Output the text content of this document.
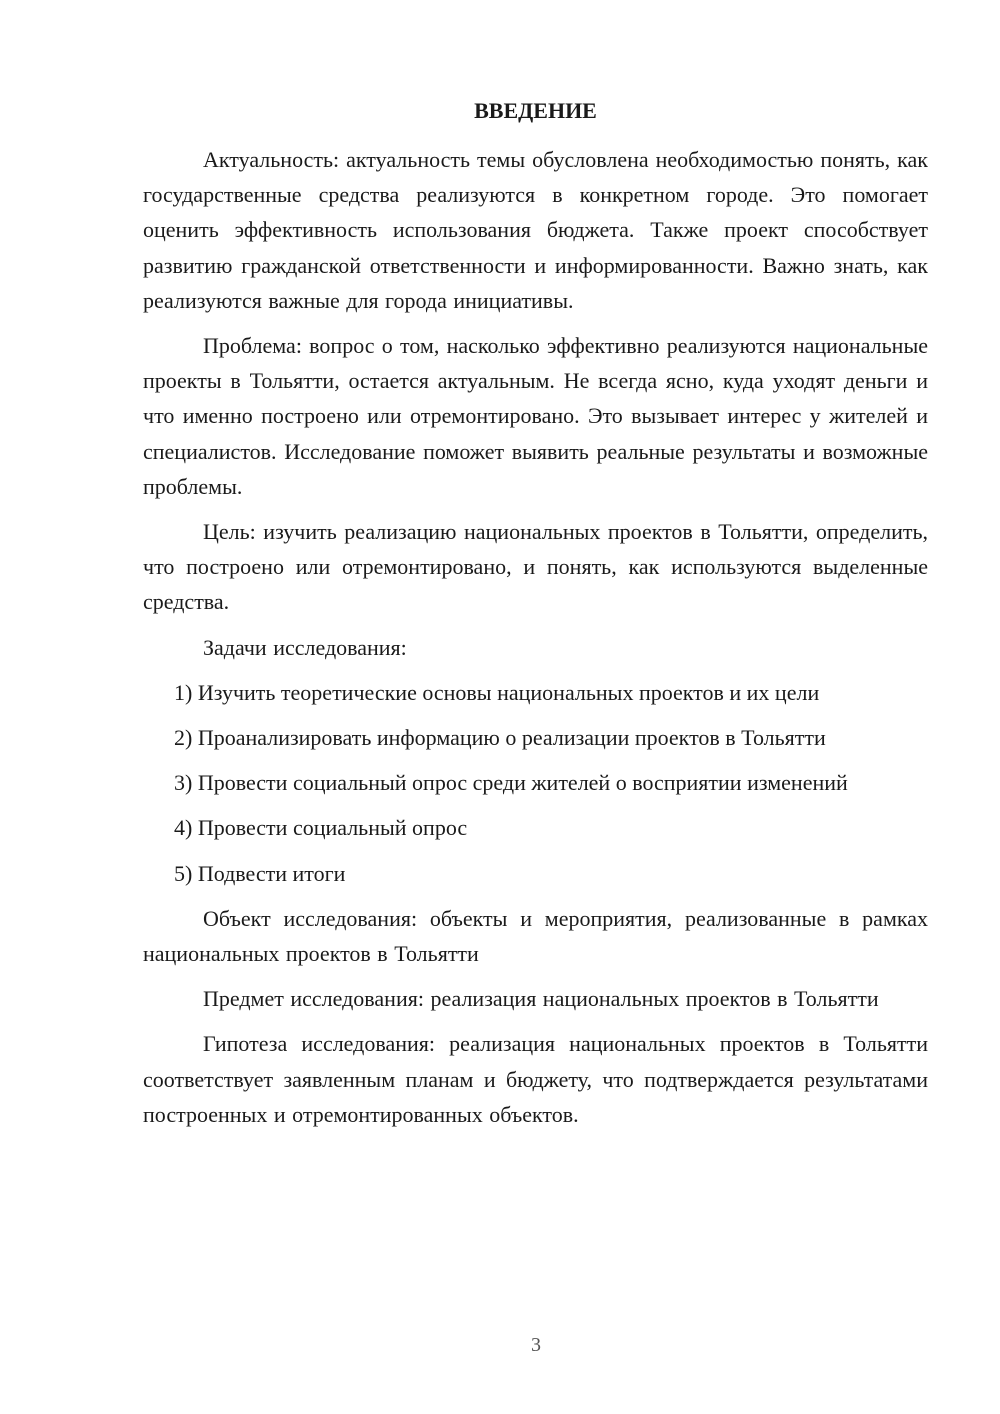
ВВЕДЕНИЕ

Актуальность: актуальность темы обусловлена необходимостью понять, как государственные средства реализуются в конкретном городе. Это помогает оценить эффективность использования бюджета. Также проект способствует развитию гражданской ответственности и информированности. Важно знать, как реализуются важные для города инициативы.

Проблема: вопрос о том, насколько эффективно реализуются национальные проекты в Тольятти, остается актуальным. Не всегда ясно, куда уходят деньги и что именно построено или отремонтировано. Это вызывает интерес у жителей и специалистов. Исследование поможет выявить реальные результаты и возможные проблемы.

Цель: изучить реализацию национальных проектов в Тольятти, определить, что построено или отремонтировано, и понять, как используются выделенные средства.

Задачи исследования:

1) Изучить теоретические основы национальных проектов и их цели

2) Проанализировать информацию о реализации проектов в Тольятти

3) Провести социальный опрос среди жителей о восприятии изменений

4) Провести социальный опрос

5) Подвести итоги

Объект исследования: объекты и мероприятия, реализованные в рамках национальных проектов в Тольятти

Предмет исследования: реализация национальных проектов в Тольятти

Гипотеза исследования: реализация национальных проектов в Тольятти соответствует заявленным планам и бюджету, что подтверждается результатами построенных и отремонтированных объектов.

3
